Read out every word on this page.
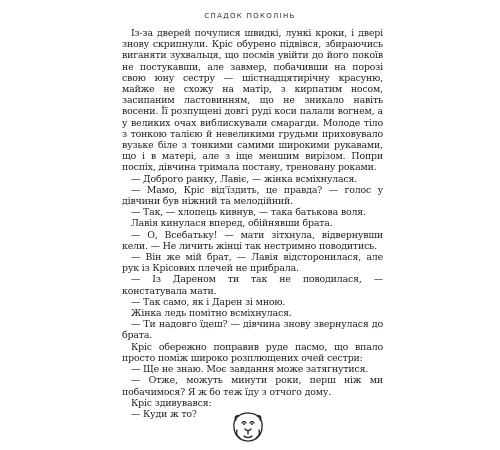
СПАДОК ПОКОЛІНЬ

Із-за дверей почулися швидкі, лункі кроки, і двері знову скрипнули. Кріс обурено підвівся, збираючись виганяти зухвальця, що посмів увійти до його покоїв не постукавши, але завмер, побачивши на порозі свою юну сестру — шістнадцятирічну красуню, майже не схожу на матір, з кирпатим носом, засипаним ластовинням, що не зникало навіть восени. Її розпущені довгі руді коси палали вогнем, а у великих очах виблискували смарагди. Молоде тіло з тонкою талією й невеликими грудьми приховувало вузьке біле з тонкими самими широкими рукавами, що і в матері, але з іще меншим вирізом. Попри поспіх, дівчина тримала поставу, тренованy роками.

— Доброго ранку, Лавіє, — жінка всміхнулася.

— Мамо, Кріс від'їздить, це правда? — голос у дівчини був ніжний та мелодійний.

— Так, — хлопець кивнув, — така батькова воля.

Лавія кинулася вперед, обійнявши брата.

— О, Всебатьку! — мати зітхнула, відвернувши кели. — Не личить жінці так нестримно поводитись.

— Він же мій брат, — Лавія відсторонилася, але рук із Крісових плечей не прибрала.

— Із Дареном ти так не поводилася, — констатувала мати.

— Так само, як і Дарен зі мною.

Жінка ледь помітно всміхнулася.

— Ти надовго їдеш? — дівчина знову звернулася до брата.

Кріс обережно поправив руде пасмо, що впало просто поміж широко розплющених очей сестри:

— Ще не знаю. Моє завдання може затягнутися.

— Отже, можуть минути роки, перш ніж ми побачимося? Я ж бо теж їду з отчого дому.

Кріс здивувався:

— Куди ж то?
